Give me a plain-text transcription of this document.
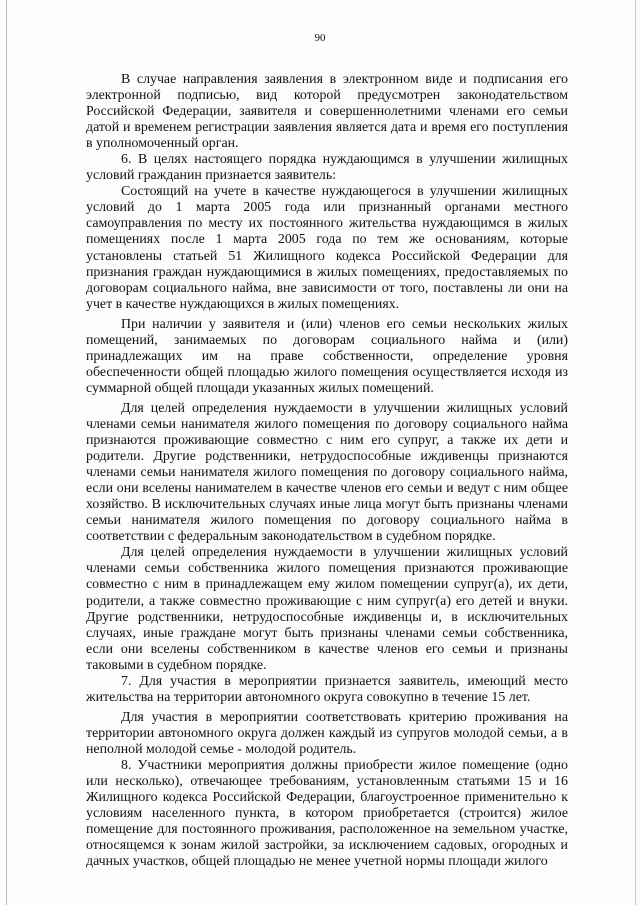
90

В случае направления заявления в электронном виде и подписания его электронной подписью, вид которой предусмотрен законодательством Российской Федерации, заявителя и совершеннолетними членами его семьи датой и временем регистрации заявления является дата и время его поступления в уполномоченный орган.

6. В целях настоящего порядка нуждающимся в улучшении жилищных условий гражданин признается заявитель:

Состоящий на учете в качестве нуждающегося в улучшении жилищных условий до 1 марта 2005 года или признанный органами местного самоуправления по месту их постоянного жительства нуждающимся в жилых помещениях после 1 марта 2005 года по тем же основаниям, которые установлены статьей 51 Жилищного кодекса Российской Федерации для признания граждан нуждающимися в жилых помещениях, предоставляемых по договорам социального найма, вне зависимости от того, поставлены ли они на учет в качестве нуждающихся в жилых помещениях.

При наличии у заявителя и (или) членов его семьи нескольких жилых помещений, занимаемых по договорам социального найма и (или) принадлежащих им на праве собственности, определение уровня обеспеченности общей площадью жилого помещения осуществляется исходя из суммарной общей площади указанных жилых помещений.

Для целей определения нуждаемости в улучшении жилищных условий членами семьи нанимателя жилого помещения по договору социального найма признаются проживающие совместно с ним его супруг, а также их дети и родители. Другие родственники, нетрудоспособные иждивенцы признаются членами семьи нанимателя жилого помещения по договору социального найма, если они вселены нанимателем в качестве членов его семьи и ведут с ним общее хозяйство. В исключительных случаях иные лица могут быть признаны членами семьи нанимателя жилого помещения по договору социального найма в соответствии с федеральным законодательством в судебном порядке.

Для целей определения нуждаемости в улучшении жилищных условий членами семьи собственника жилого помещения признаются проживающие совместно с ним в принадлежащем ему жилом помещении супруг(а), их дети, родители, а также совместно проживающие с ним супруг(а) его детей и внуки. Другие родственники, нетрудоспособные иждивенцы и, в исключительных случаях, иные граждане могут быть признаны членами семьи собственника, если они вселены собственником в качестве членов его семьи и признаны таковыми в судебном порядке.

7. Для участия в мероприятии признается заявитель, имеющий место жительства на территории автономного округа совокупно в течение 15 лет.

Для участия в мероприятии соответствовать критерию проживания на территории автономного округа должен каждый из супругов молодой семьи, а в неполной молодой семье - молодой родитель.

8. Участники мероприятия должны приобрести жилое помещение (одно или несколько), отвечающее требованиям, установленным статьями 15 и 16 Жилищного кодекса Российской Федерации, благоустроенное применительно к условиям населенного пункта, в котором приобретается (строится) жилое помещение для постоянного проживания, расположенное на земельном участке, относящемся к зонам жилой застройки, за исключением садовых, огородных и дачных участков, общей площадью не менее учетной нормы площади жилого
